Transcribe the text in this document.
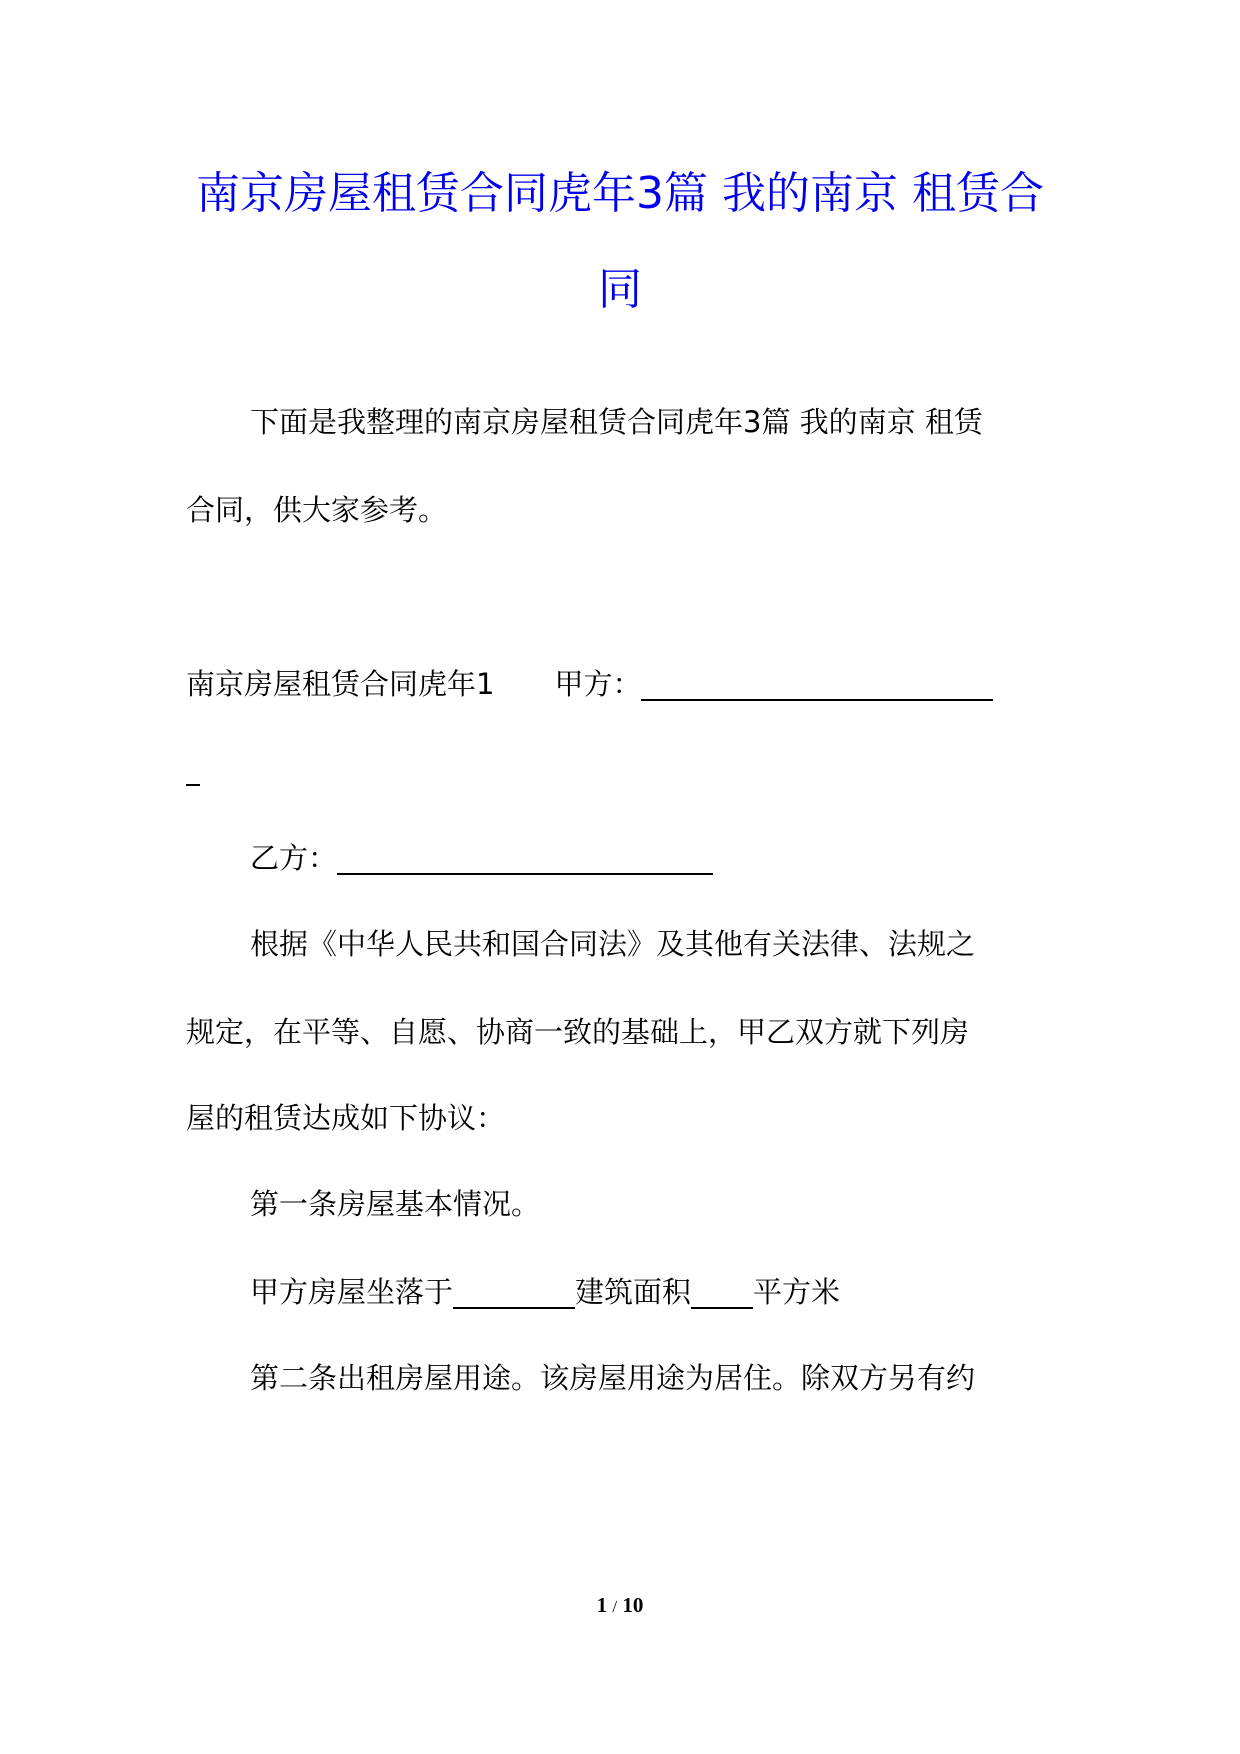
南京房屋租赁合同虎年3篇 我的南京 租赁合同

下面是我整理的南京房屋租赁合同虎年3篇 我的南京 租赁

合同，供大家参考。

南京房屋租赁合同虎年1 甲方：

乙方：

根据《中华人民共和国合同法》及其他有关法律、法规之

规定，在平等、自愿、协商一致的基础上，甲乙双方就下列房

屋的租赁达成如下协议：

第一条房屋基本情况。

甲方房屋坐落于	建筑面积 平方米

第二条出租房屋用途。该房屋用途为居住。除双方另有约

1 / 10
